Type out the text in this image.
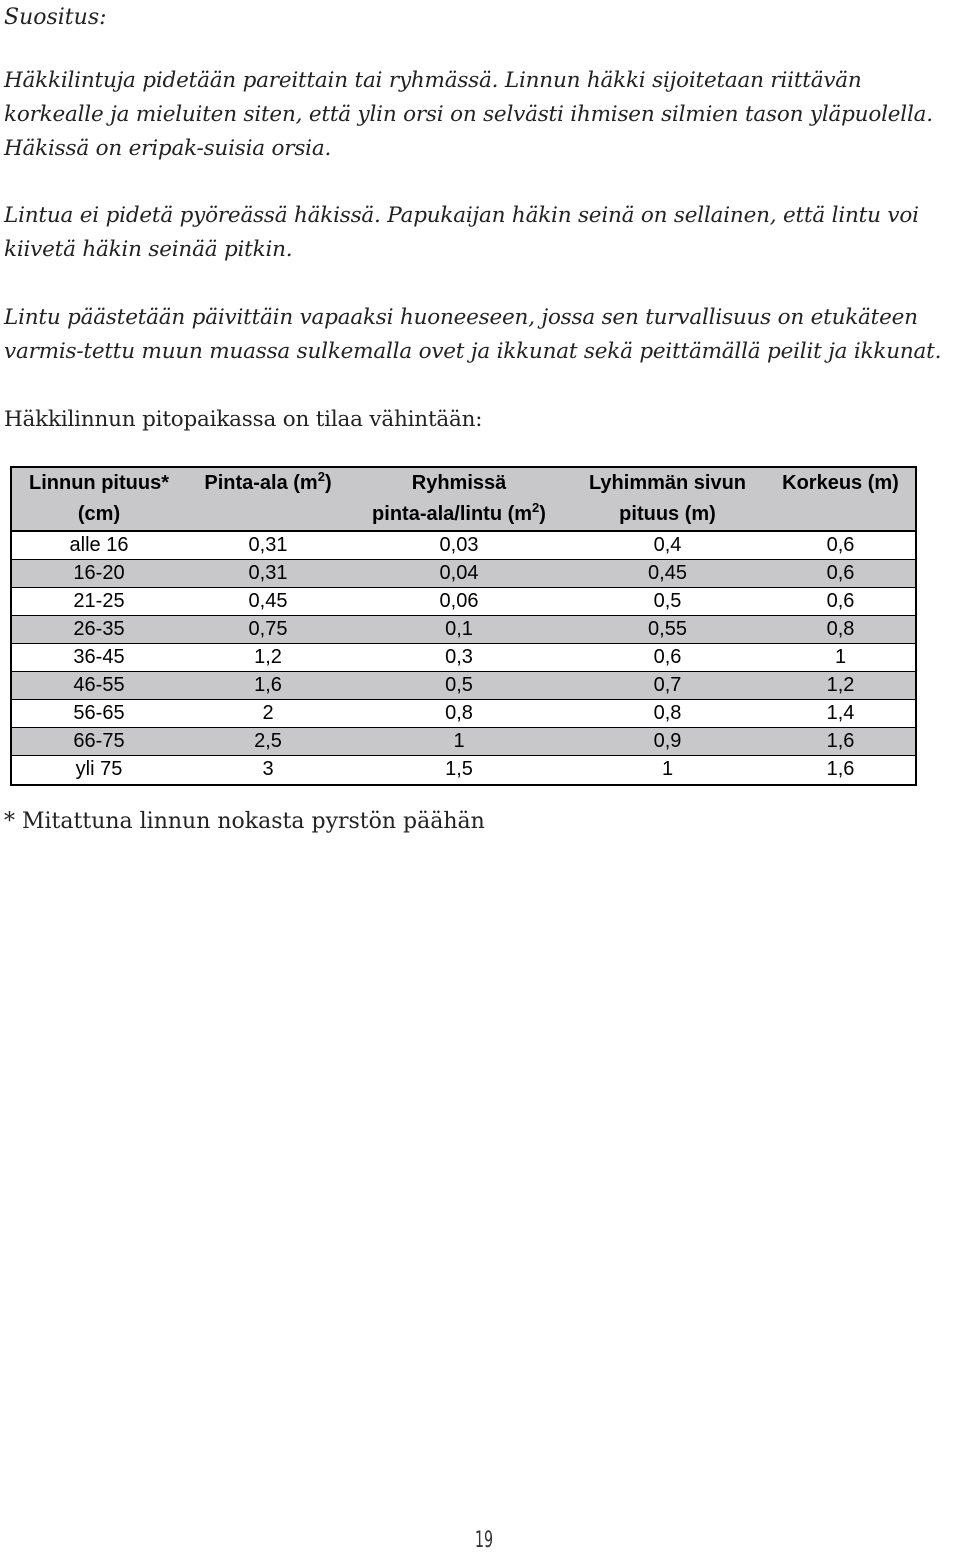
Suositus:

Häkkilintuja pidetään pareittain tai ryhmässä. Linnun häkki sijoitetaan riittävän korkealle ja mieluiten siten, että ylin orsi on selvästi ihmisen silmien tason yläpuolella. Häkissä on eripak-suisia orsia.

Lintua ei pidetä pyöreässä häkissä. Papukaijan häkin seinä on sellainen, että lintu voi kiivetä häkin seinää pitkin.

Lintu päästetään päivittäin vapaaksi huoneeseen, jossa sen turvallisuus on etukäteen varmis-tettu muun muassa sulkemalla ovet ja ikkunat sekä peittämällä peilit ja ikkunat.

Häkkilinnun pitopaikassa on tilaa vähintään:

Linnun pituus*	Pinta-ala $(m^2)$	Ryhmissä	Lyhimmän sivun	Korkeus (m)
(cm)		pinta-ala/lintu $(m^2)$	pituus (m)	
alle 16	0,31	0,03	0,4	0,6
16-20	0,31	0,04	0,45	0,6
21-25	0,45	0,06	0,5	0,6
26-35	0,75	0,1	0,55	0,8
36-45	1,2	0,3	0,6	1
46-55	1,6	0,5	0,7	1,2
56-65	2	0,8	0,8	1,4
66-75	2,5	1	0,9	1,6
yli 75	3	1,5	1	1,6
* Mitattuna linnun nokasta pyrstön päähän
19
